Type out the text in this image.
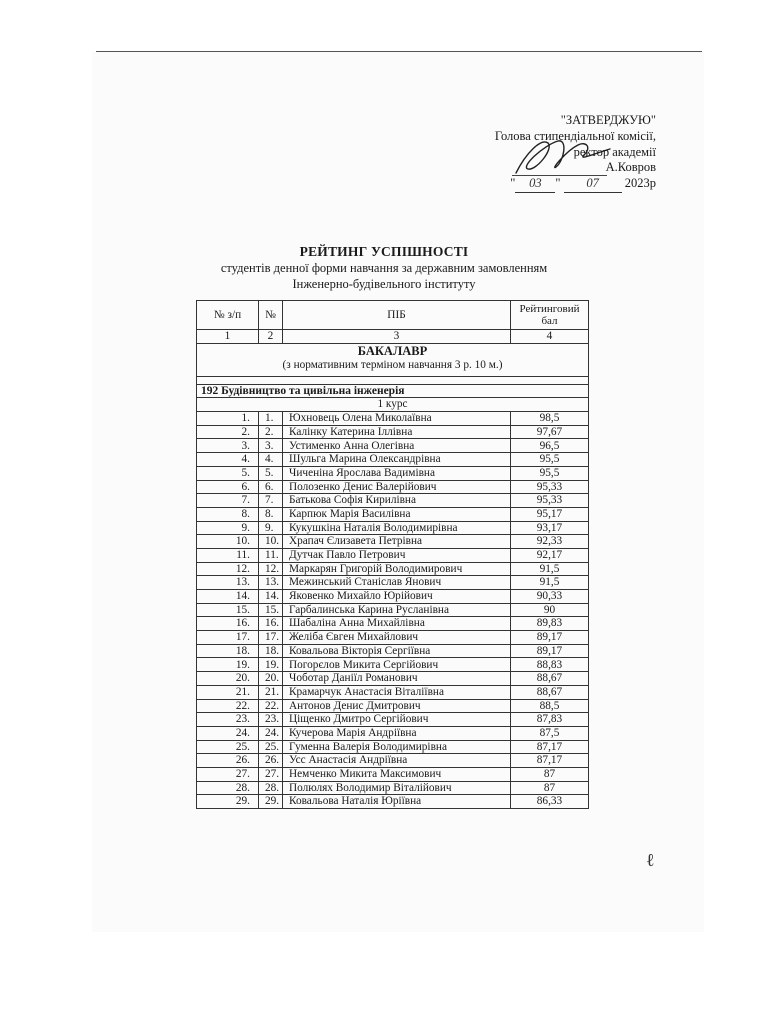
"ЗАТВЕРДЖУЮ"
Голова стипендіальної комісії,
ректор академії
А.Ковров
" 03 " 07 2023р
РЕЙТИНГ УСПІШНОСТІ
студентів денної форми навчання за державним замовленням
Інженерно-будівельного інституту
№ з/п	№	ПІБ	Рейтинговий бал
1	2	3	4

БАКАЛАВР
(з нормативним терміном навчання 3 р. 10 м.)			

192 Будівництво та цивільна інженерія			
1 курс			
1.	1.	Юхновець Олена Миколаївна	98,5
2.	2.	Калінку Катерина Іллівна	97,67
3.	3.	Устименко Анна Олегівна	96,5
4.	4.	Шульга Марина Олександрівна	95,5
5.	5.	Чиченіна Ярослава Вадимівна	95,5
6.	6.	Полозенко Денис Валерійович	95,33
7.	7.	Батькова Софія Кирилівна	95,33
8.	8.	Карпюк Марія Василівна	95,17
9.	9.	Кукушкіна Наталія Володимирівна	93,17
10.	10.	Храпач Єлизавета Петрівна	92,33
11.	11.	Дутчак Павло Петрович	92,17
12.	12.	Маркарян Григорій Володимирович	91,5
13.	13.	Межинський Станіслав Янович	91,5
14.	14.	Яковенко Михайло Юрійович	90,33
15.	15.	Гарбалинська Карина Русланівна	90
16.	16.	Шабаліна Анна Михайлівна	89,83
17.	17.	Желіба Євген Михайлович	89,17
18.	18.	Ковальова Вікторія Сергіївна	89,17
19.	19.	Погорєлов Микита Сергійович	88,83
20.	20.	Чоботар Даніїл Романович	88,67
21.	21.	Крамарчук Анастасія Віталіївна	88,67
22.	22.	Антонов Денис Дмитрович	88,5
23.	23.	Ціщенко Дмитро Сергійович	87,83
24.	24.	Кучерова Марія Андріївна	87,5
25.	25.	Гуменна Валерія Володимирівна	87,17
26.	26.	Усс Анастасія Андріївна	87,17
27.	27.	Немченко Микита Максимович	87
28.	28.	Полюлях Володимир Віталійович	87
29.	29.	Ковальова Наталія Юріївна	86,33
ℓ
